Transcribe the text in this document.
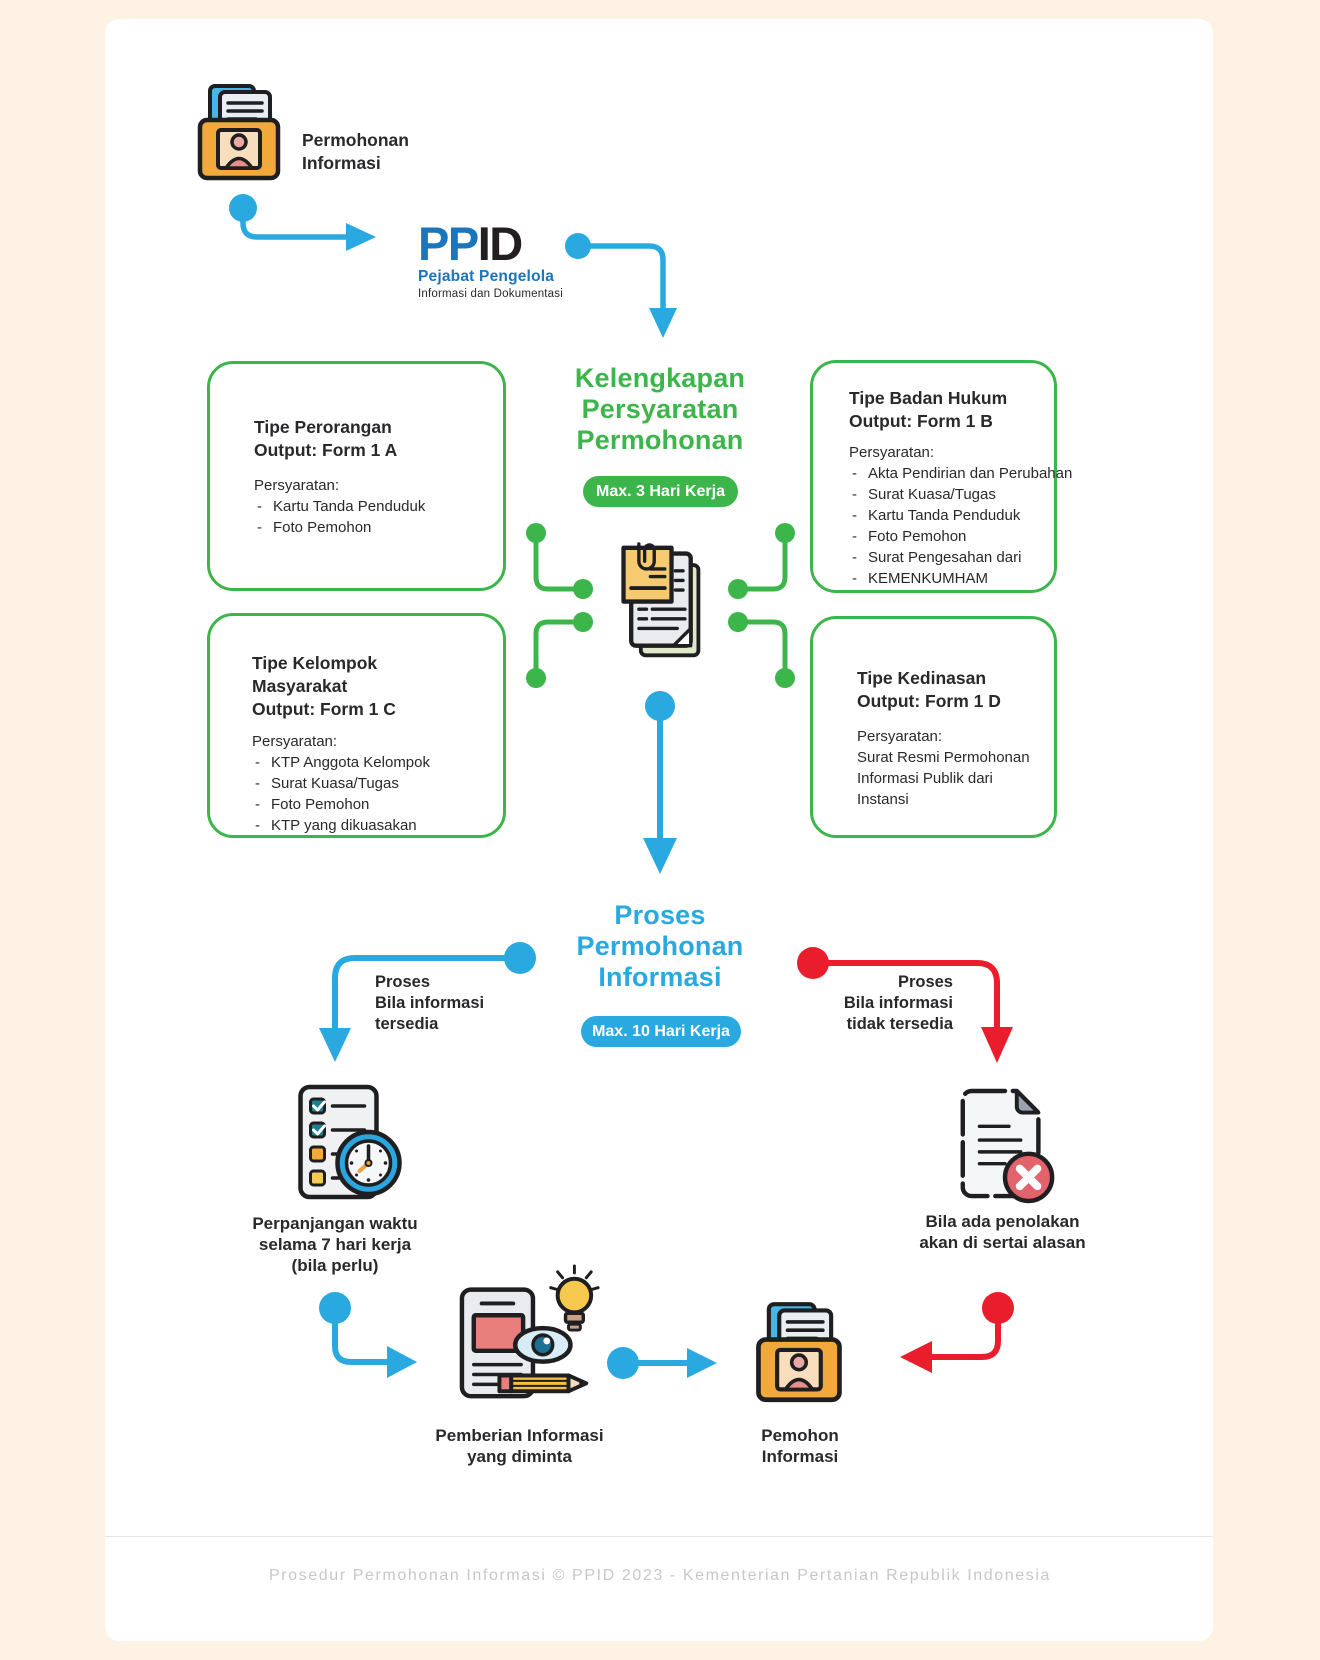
Permohonan
Informasi
PPID
Pejabat Pengelola
Informasi dan Dokumentasi
Kelengkapan
Persyaratan
Permohonan
Max. 3 Hari Kerja
Tipe Perorangan
Output: Form 1 A
Persyaratan:
- Kartu Tanda Penduduk
- Foto Pemohon
Tipe Badan Hukum
Output: Form 1 B
Persyaratan:
- Akta Pendirian dan Perubahan
- Surat Kuasa/Tugas
- Kartu Tanda Penduduk
- Foto Pemohon
- Surat Pengesahan dari
- KEMENKUMHAM
Tipe Kelompok
Masyarakat
Output: Form 1 C
Persyaratan:
- KTP Anggota Kelompok
- Surat Kuasa/Tugas
- Foto Pemohon
- KTP yang dikuasakan
Tipe Kedinasan
Output: Form 1 D
Persyaratan:
Surat Resmi Permohonan
Informasi Publik dari
Instansi
Proses
Permohonan
Informasi
Max. 10 Hari Kerja
Proses
Bila informasi
tersedia
Perpanjangan waktu
selama 7 hari kerja
(bila perlu)
Pemberian Informasi
yang diminta
Pemohon
Informasi
Proses
Bila informasi
tidak tersedia
Bila ada penolakan
akan di sertai alasan
Prosedur Permohonan Informasi © PPID 2023 - Kementerian Pertanian Republik Indonesia
